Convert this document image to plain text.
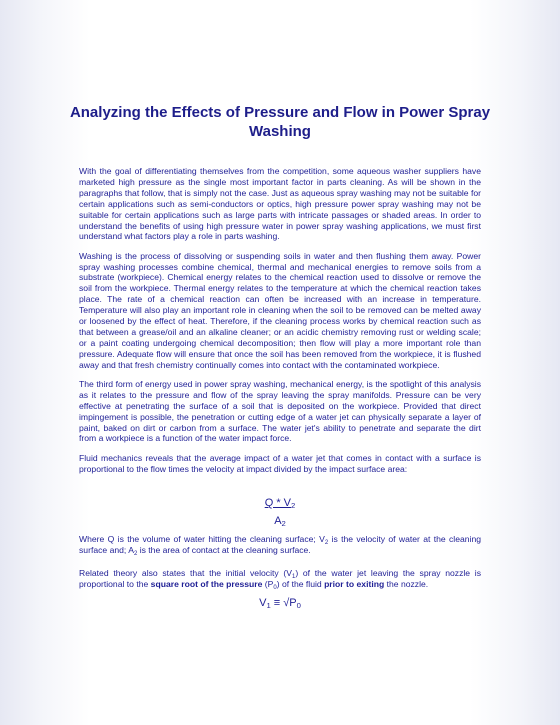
Analyzing the Effects of Pressure and Flow in Power Spray Washing

With the goal of differentiating themselves from the competition, some aqueous washer suppliers have marketed high pressure as the single most important factor in parts cleaning. As will be shown in the paragraphs that follow, that is simply not the case. Just as aqueous spray washing may not be suitable for certain applications such as semi-conductors or optics, high pressure power spray washing may not be suitable for certain applications such as large parts with intricate passages or shaded areas. In order to understand the benefits of using high pressure water in power spray washing applications, we must first understand what factors play a role in parts washing.

Washing is the process of dissolving or suspending soils in water and then flushing them away. Power spray washing processes combine chemical, thermal and mechanical energies to remove soils from a substrate (workpiece). Chemical energy relates to the chemical reaction used to dissolve or remove the soil from the workpiece. Thermal energy relates to the temperature at which the chemical reaction takes place. The rate of a chemical reaction can often be increased with an increase in temperature. Temperature will also play an important role in cleaning when the soil to be removed can be melted away or loosened by the effect of heat. Therefore, if the cleaning process works by chemical reaction such as that between a grease/oil and an alkaline cleaner; or an acidic chemistry removing rust or welding scale; or a paint coating undergoing chemical decomposition; then flow will play a more important role than pressure. Adequate flow will ensure that once the soil has been removed from the workpiece, it is flushed away and that fresh chemistry continually comes into contact with the contaminated workpiece.

The third form of energy used in power spray washing, mechanical energy, is the spotlight of this analysis as it relates to the pressure and flow of the spray leaving the spray manifolds. Pressure can be very effective at penetrating the surface of a soil that is deposited on the workpiece. Provided that direct impingement is possible, the penetration or cutting edge of a water jet can physically separate a layer of paint, baked on dirt or carbon from a surface. The water jet's ability to penetrate and separate the dirt from a workpiece is a function of the water impact force.

Fluid mechanics reveals that the average impact of a water jet that comes in contact with a surface is proportional to the flow times the velocity at impact divided by the impact surface area:

Q * $V_2$
$A_2$

Where Q is the volume of water hitting the cleaning surface; $V_2$ is the velocity of water at the cleaning surface and; $A_2$ is the area of contact at the cleaning surface.

Related theory also states that the initial velocity $(V_1)$ of the water jet leaving the spray nozzle is proportional to the square root of the pressure $(P_0)$ of the fluid prior to exiting the nozzle.

$V_1 \equiv √P_0$
